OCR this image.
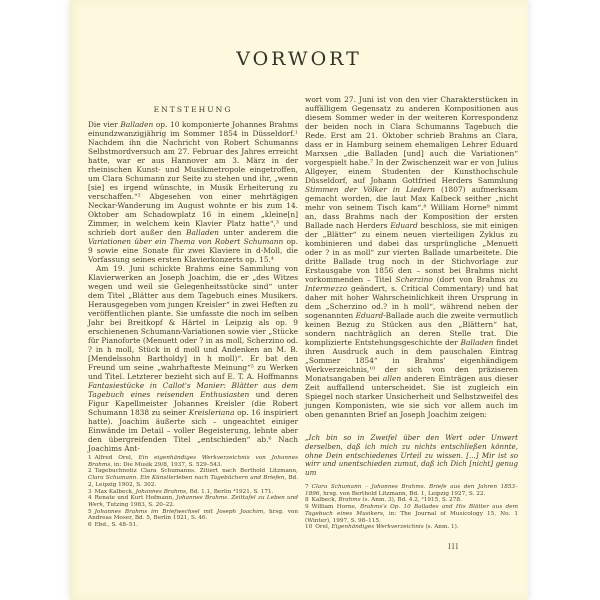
VORWORT
ENTSTEHUNG

Die vier Balladen op. 10 komponierte Johannes Brahms einundzwanzigjährig im Sommer 1854 in Düsseldorf.¹ Nachdem ihn die Nachricht von Robert Schumanns Selbstmordversuch am 27. Februar des Jahres erreicht hatte, war er aus Hannover am 3. März in der rheinischen Kunst- und Musikmetropole eingetroffen, um Clara Schumann zur Seite zu stehen und ihr, „wenn [sie] es irgend wünschte, in Musik Erheiterung zu verschaffen.“² Abgesehen von einer mehrtägigen Neckar-Wanderung im August wohnte er bis zum 14. Oktober am Schadowplatz 16 in einem „kleine[n] Zimmer, in welchem kein Klavier Platz hatte“,³ und schrieb dort außer den Balladen unter anderem die Variationen über ein Thema von Robert Schumann op. 9 sowie eine Sonate für zwei Klaviere in d-Moll, die Vorfassung seines ersten Klavierkonzerts op. 15.⁴

Am 19. Juni schickte Brahms eine Sammlung von Klavierwerken an Joseph Joachim, die er „des Witzes wegen und weil sie Gelegenheitsstücke sind“ unter dem Titel „Blätter aus dem Tagebuch eines Musikers. Herausgegeben vom jungen Kreisler“ in zwei Heften zu veröffentlichen plante. Sie umfasste die noch im selben Jahr bei Breitkopf & Härtel in Leipzig als op. 9 erschienenen Schumann-Variationen sowie vier „Stücke für Pianoforte (Menuett oder ? in as moll, Scherzino od. ? in h moll, Stück in d moll und Andenken an M. B. [Mendelssohn Bartholdy] in h moll)“. Er bat den Freund um seine „wahrhafteste Meinung“⁵ zu Werken und Titel. Letzterer bezieht sich auf E. T. A. Hoffmanns Fantasiestücke in Callot's Manier: Blätter aus dem Tagebuch eines reisenden Enthusiasten und deren Figur Kapellmeister Johannes Kreisler (die Robert Schumann 1838 zu seiner Kreisleriana op. 16 inspiriert hatte). Joachim äußerte sich – ungeachtet einiger Einwände im Detail – voller Begeisterung, lehnte aber den übergreifenden Titel „entschieden“ ab.⁶ Nach Joachims Ant-

1 Alfred Orel, Ein eigenhändiges Werkverzeichnis von Johannes Brahms, in: Die Musik 29/8, 1937, S. 529–543.
2 Tagebuchnotiz Clara Schumanns. Zitiert nach Berthold Litzmann, Clara Schumann. Ein Künstlerleben nach Tagebüchern und Briefen, Bd. 2, Leipzig 1902, S. 302.
3 Max Kalbeck, Johannes Brahms, Bd. 1.1, Berlin ⁴1921, S. 171.
4 Renate und Kurt Hofmann, Johannes Brahms. Zeittafel zu Leben und Werk, Tutzing 1983, S. 20–22.
5 Johannes Brahms im Briefwechsel mit Joseph Joachim, hrsg. von Andreas Moser, Bd. 5, Berlin 1921, S. 46.
6 Ebd., S. 48–51.

wort vom 27. Juni ist von den vier Charakterstücken in auffälligem Gegensatz zu anderen Kompositionen aus diesem Sommer weder in der weiteren Korrespondenz der beiden noch in Clara Schumanns Tagebuch die Rede. Erst am 21. Oktober schrieb Brahms an Clara, dass er in Hamburg seinem ehemaligen Lehrer Eduard Marxsen „die Balladen [und] auch die Variationen“ vorgespielt habe.⁷ In der Zwischenzeit war er von Julius Allgeyer, einem Studenten der Kunsthochschule Düsseldorf, auf Johann Gottfried Herders Sammlung Stimmen der Völker in Liedern (1807) aufmerksam gemacht worden, die laut Max Kalbeck seither „nicht mehr von seinem Tisch kam“.⁸ William Horne⁹ nimmt an, dass Brahms nach der Komposition der ersten Ballade nach Herders Eduard beschloss, sie mit einigen der „Blätter“ zu einem neuen vierteiligen Zyklus zu kombinieren und dabei das ursprüngliche „Menuett oder ? in as moll“ zur vierten Ballade umarbeitete. Die dritte Ballade trug noch in der Stichvorlage zur Erstausgabe von 1856 den – sonst bei Brahms nicht vorkommenden – Titel Scherzino (dort von Brahms zu Intermezzo geändert, s. Critical Commentary) und hat daher mit hoher Wahrscheinlichkeit ihren Ursprung in dem „Scherzino od.? in h moll“, während neben der sogenannten Eduard-Ballade auch die zweite vermutlich keinen Bezug zu Stücken aus den „Blättern“ hat, sondern nachträglich an deren Stelle trat. Die komplizierte Entstehungsgeschichte der Balladen findet ihren Ausdruck auch in dem pauschalen Eintrag „Sommer 1854“ in Brahms' eigenhändigem Werkverzeichnis,¹⁰ der sich von den präziseren Monatsangaben bei allen anderen Einträgen aus dieser Zeit auffallend unterscheidet. Sie ist zugleich ein Spiegel noch starker Unsicherheit und Selbstzweifel des jungen Komponisten, wie sie sich vor allem auch im oben genannten Brief an Joseph Joachim zeigen:

„Ich bin so in Zweifel über den Wert oder Unwert derselben, daß ich mich zu nichts entschließen könnte, ohne Dein entschiedenes Urteil zu wissen. [...] Mir ist so wirr und unentschieden zumut, daß ich Dich [nicht] genug um
7 Clara Schumann – Johannes Brahms. Briefe aus den Jahren 1853–1896, hrsg. von Berthold Litzmann, Bd. 1, Leipzig 1927, S. 22.
8 Kalbeck, Brahms (s. Anm. 3), Bd. 4.2, ²1915, S. 278.
9 William Horne, Brahms's Op. 10 Ballades and His Blätter aus dem Tagebuch eines Musikers, in: The Journal of Musicology 15, No. 1 (Winter), 1997, S. 98–115.
10 Orel, Eigenhändiges Werkverzeichnis (s. Anm. 1).
III
